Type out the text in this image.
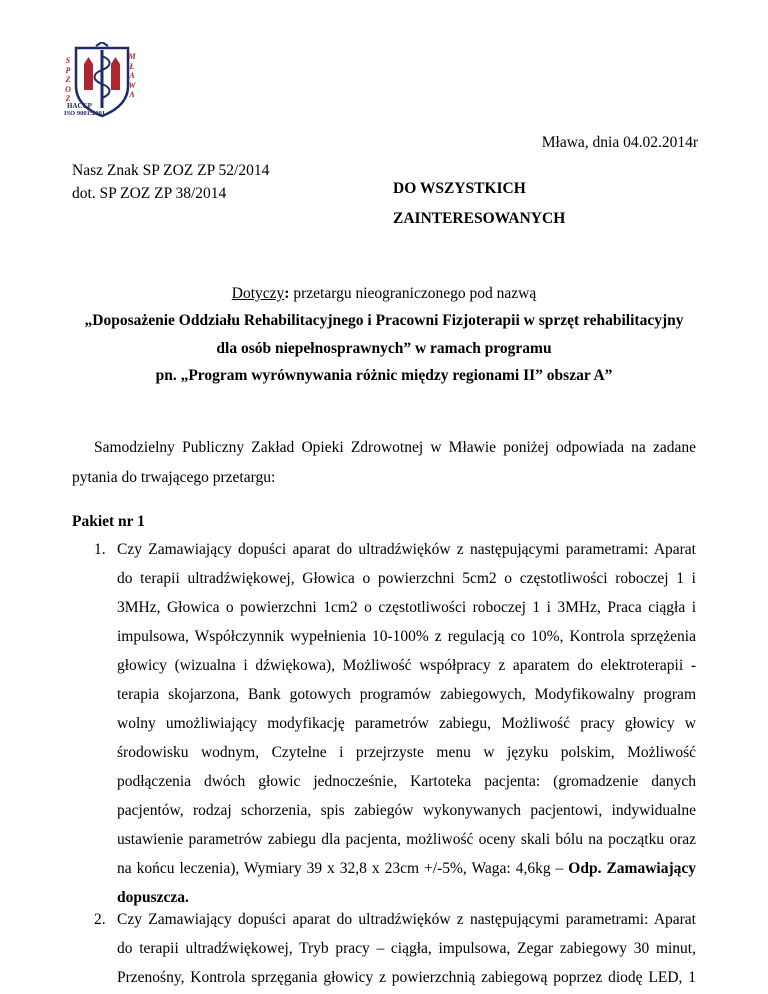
S
P
Z
O
Z
M
Ł
A
W
A
HACCP
ISO 9001:2001
Mława, dnia 04.02.2014r
Nasz Znak SP ZOZ ZP 52/2014
dot. SP ZOZ ZP 38/2014	DO WSZYSTKICH
ZAINTERESOWANYCH
Dotyczy: przetargu nieograniczonego pod nazwą
„Doposażenie Oddziału Rehabilitacyjnego i Pracowni Fizjoterapii w sprzęt rehabilitacyjny
dla osób niepełnosprawnych” w ramach programu
pn. „Program wyrównywania różnic między regionami II” obszar A”
Samodzielny Publiczny Zakład Opieki Zdrowotnej w Mławie poniżej odpowiada na zadane
pytania do trwającego przetargu:
Pakiet nr 1
1. Czy Zamawiający dopuści aparat do ultradźwięków z następującymi parametrami: Aparat
do terapii ultradźwiękowej, Głowica o powierzchni 5cm2 o częstotliwości roboczej 1 i
3MHz, Głowica o powierzchni 1cm2 o częstotliwości roboczej 1 i 3MHz, Praca ciągła i
impulsowa, Współczynnik wypełnienia 10-100% z regulacją co 10%, Kontrola sprzężenia
głowicy (wizualna i dźwiękowa), Możliwość współpracy z aparatem do elektroterapii -
terapia skojarzona, Bank gotowych programów zabiegowych, Modyfikowalny program
wolny umożliwiający modyfikację parametrów zabiegu, Możliwość pracy głowicy w
środowisku wodnym, Czytelne i przejrzyste menu w języku polskim, Możliwość
podłączenia dwóch głowic jednocześnie, Kartoteka pacjenta: (gromadzenie danych
pacjentów, rodzaj schorzenia, spis zabiegów wykonywanych pacjentowi, indywidualne
ustawienie parametrów zabiegu dla pacjenta, możliwość oceny skali bólu na początku oraz
na końcu leczenia), Wymiary 39 x 32,8 x 23cm +/-5%, Waga: 4,6kg – Odp. Zamawiający
dopuszcza.
2. Czy Zamawiający dopuści aparat do ultradźwięków z następującymi parametrami: Aparat
do terapii ultradźwiękowej, Tryb pracy – ciągła, impulsowa, Zegar zabiegowy 30 minut,
Przenośny, Kontrola sprzęgania głowicy z powierzchnią zabiegową poprzez diodę LED, 1
